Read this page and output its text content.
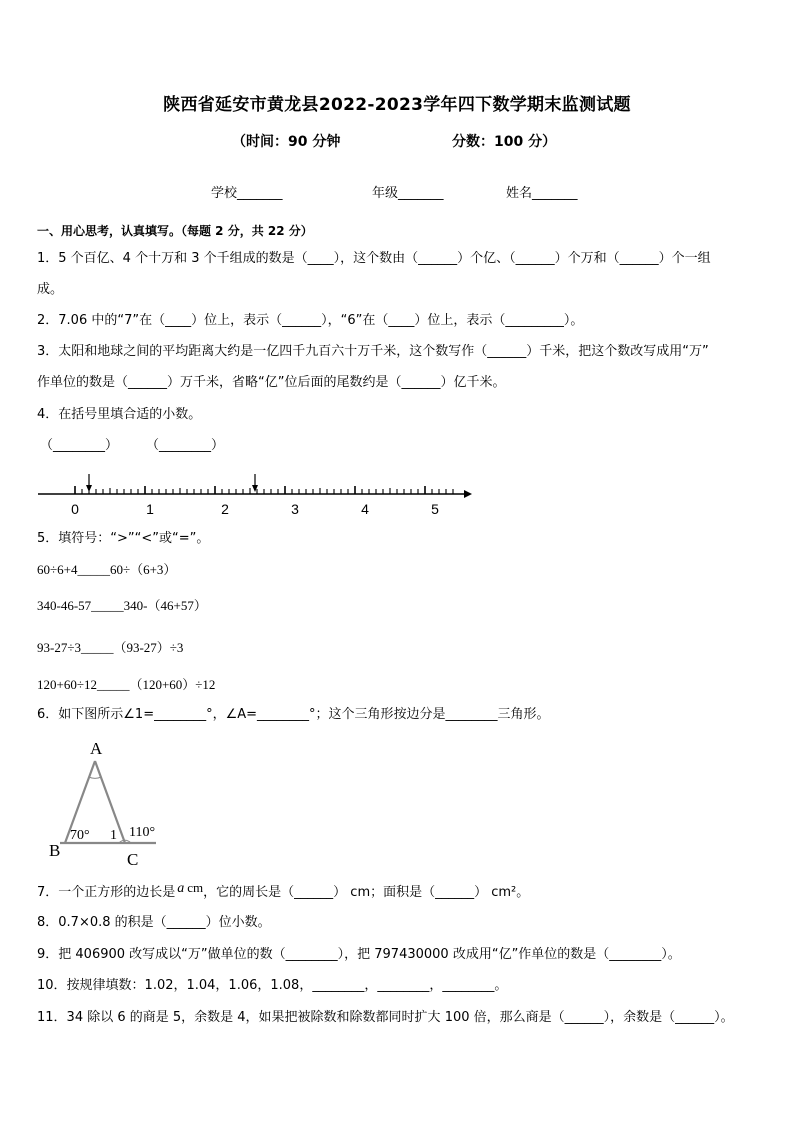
陕西省延安市黄龙县2022-2023学年四下数学期末监测试题
（时间：90 分钟	分数：100 分）
学校_______	年级_______	姓名_______
一、用心思考，认真填写。（每题 2 分，共 22 分）
1．5 个百亿、4 个十万和 3 个千组成的数是（____），这个数由（______）个亿、（______）个万和（______）个一组
成。
2．7.06 中的“7”在（____）位上，表示（______），“6”在（____）位上，表示（_________）。
3．太阳和地球之间的平均距离大约是一亿四千九百六十万千米，这个数写作（______）千米，把这个数改写成用“万”
作单位的数是（______）万千米，省略“亿”位后面的尾数约是（______）亿千米。
4．在括号里填合适的小数。
（________） （________）
0	1	2	3	4	5
5．填符号：“>”“<”或“=”。
60÷6+4_____60÷（6+3）
340-46-57_____340-（46+57）
93-27÷3_____（93-27）÷3
120+60÷12_____（120+60）÷12
6．如下图所示∠1=________°，∠A=________°；这个三角形按边分是________三角形。
A
B	C
70° 1 110°
7．一个正方形的边长是 a cm，它的周长是（______） cm；面积是（______） cm²。
8．0.7×0.8 的积是（______）位小数。
9．把 406900 改写成以“万”做单位的数（________），把 797430000 改成用“亿”作单位的数是（________）。
10．按规律填数：1.02，1.04，1.06，1.08，________，________，________。
11．34 除以 6 的商是 5，余数是 4，如果把被除数和除数都同时扩大 100 倍，那么商是（______），余数是（______）。
